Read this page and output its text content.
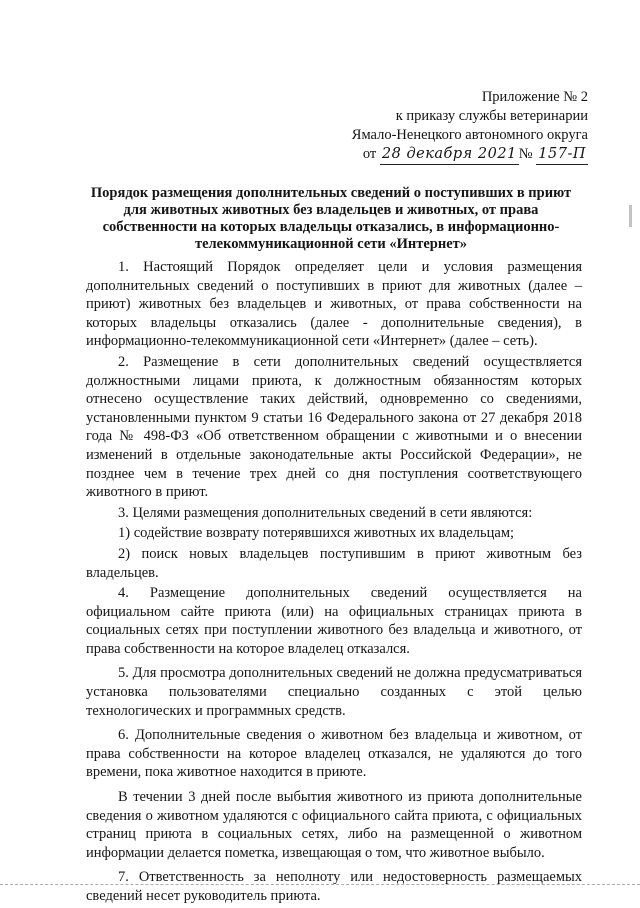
Приложение № 2
к приказу службы ветеринарии
Ямало-Ненецкого автономного округа
от 28 декабря 2021 № 157-П
Порядок размещения дополнительных сведений о поступивших в приют для животных животных без владельцев и животных, от права собственности на которых владельцы отказались, в информационно-телекоммуникационной сети «Интернет»

1. Настоящий Порядок определяет цели и условия размещения дополнительных сведений о поступивших в приют для животных (далее – приют) животных без владельцев и животных, от права собственности на которых владельцы отказались (далее - дополнительные сведения), в информационно-телекоммуникационной сети «Интернет» (далее – сеть).

2. Размещение в сети дополнительных сведений осуществляется должностными лицами приюта, к должностным обязанностям которых отнесено осуществление таких действий, одновременно со сведениями, установленными пунктом 9 статьи 16 Федерального закона от 27 декабря 2018 года № 498-ФЗ «Об ответственном обращении с животными и о внесении изменений в отдельные законодательные акты Российской Федерации», не позднее чем в течение трех дней со дня поступления соответствующего животного в приют.

3. Целями размещения дополнительных сведений в сети являются:

1) содействие возврату потерявшихся животных их владельцам;

2) поиск новых владельцев поступившим в приют животным без владельцев.

4. Размещение дополнительных сведений осуществляется на официальном сайте приюта (или) на официальных страницах приюта в социальных сетях при поступлении животного без владельца и животного, от права собственности на которое владелец отказался.

5. Для просмотра дополнительных сведений не должна предусматриваться установка пользователями специально созданных с этой целью технологических и программных средств.

6. Дополнительные сведения о животном без владельца и животном, от права собственности на которое владелец отказался, не удаляются до того времени, пока животное находится в приюте.

В течении 3 дней после выбытия животного из приюта дополнительные сведения о животном удаляются с официального сайта приюта, с официальных страниц приюта в социальных сетях, либо на размещенной о животном информации делается пометка, извещающая о том, что животное выбыло.

7. Ответственность за неполноту или недостоверность размещаемых сведений несет руководитель приюта.
